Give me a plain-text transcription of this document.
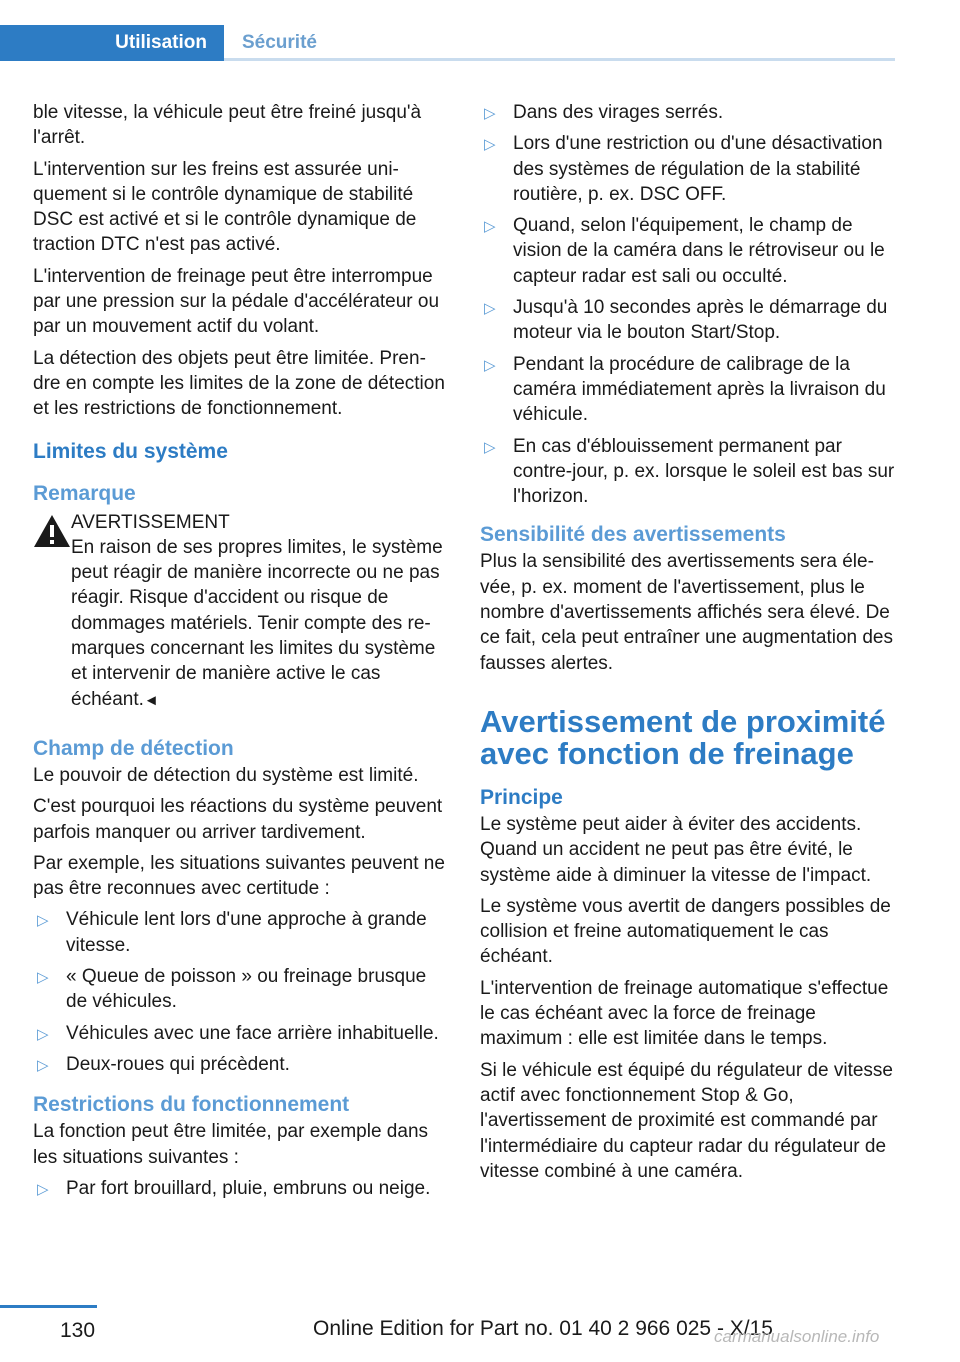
Utilisation	Sécurité

ble vitesse, la véhicule peut être freiné jusqu'à l'arrêt.

L'intervention sur les freins est assurée uniquement si le contrôle dynamique de stabilité DSC est activé et si le contrôle dynamique de traction DTC n'est pas activé.

L'intervention de freinage peut être interrompue par une pression sur la pédale d'accélérateur ou par un mouvement actif du volant.

La détection des objets peut être limitée. Prendre en compte les limites de la zone de détection et les restrictions de fonctionnement.

Limites du système
Remarque

AVERTISSEMENT

En raison de ses propres limites, le système peut réagir de manière incorrecte ou ne pas réagir. Risque d'accident ou risque de dommages matériels. Tenir compte des remarques concernant les limites du système et intervenir de manière active le cas échéant.◄

Champ de détection

Le pouvoir de détection du système est limité.

C'est pourquoi les réactions du système peuvent parfois manquer ou arriver tardivement.

Par exemple, les situations suivantes peuvent ne pas être reconnues avec certitude :

▷ Véhicule lent lors d'une approche à grande vitesse.
▷ « Queue de poisson » ou freinage brusque de véhicules.
▷ Véhicules avec une face arrière inhabituelle.
▷ Deux-roues qui précèdent.
Restrictions du fonctionnement

La fonction peut être limitée, par exemple dans les situations suivantes :

▷ Par fort brouillard, pluie, embruns ou neige.
▷ Dans des virages serrés.
▷ Lors d'une restriction ou d'une désactivation des systèmes de régulation de la stabilité routière, p. ex. DSC OFF.
▷ Quand, selon l'équipement, le champ de vision de la caméra dans le rétroviseur ou le capteur radar est sali ou occulté.
▷ Jusqu'à 10 secondes après le démarrage du moteur via le bouton Start/Stop.
▷ Pendant la procédure de calibrage de la caméra immédiatement après la livraison du véhicule.
▷ En cas d'éblouissement permanent par contre-jour, p. ex. lorsque le soleil est bas sur l'horizon.
Sensibilité des avertissements

Plus la sensibilité des avertissements sera élevée, p. ex. moment de l'avertissement, plus le nombre d'avertissements affichés sera élevé. De ce fait, cela peut entraîner une augmentation des fausses alertes.

Avertissement de proximité avec fonction de freinage
Principe

Le système peut aider à éviter des accidents. Quand un accident ne peut pas être évité, le système aide à diminuer la vitesse de l'impact.

Le système vous avertit de dangers possibles de collision et freine automatiquement le cas échéant.

L'intervention de freinage automatique s'effectue le cas échéant avec la force de freinage maximum : elle est limitée dans le temps.

Si le véhicule est équipé du régulateur de vitesse actif avec fonctionnement Stop & Go, l'avertissement de proximité est commandé par l'intermédiaire du capteur radar du régulateur de vitesse combiné à une caméra.

130	Online Edition for Part no. 01 40 2 966 025 - X/15
carmanualsonline.info
